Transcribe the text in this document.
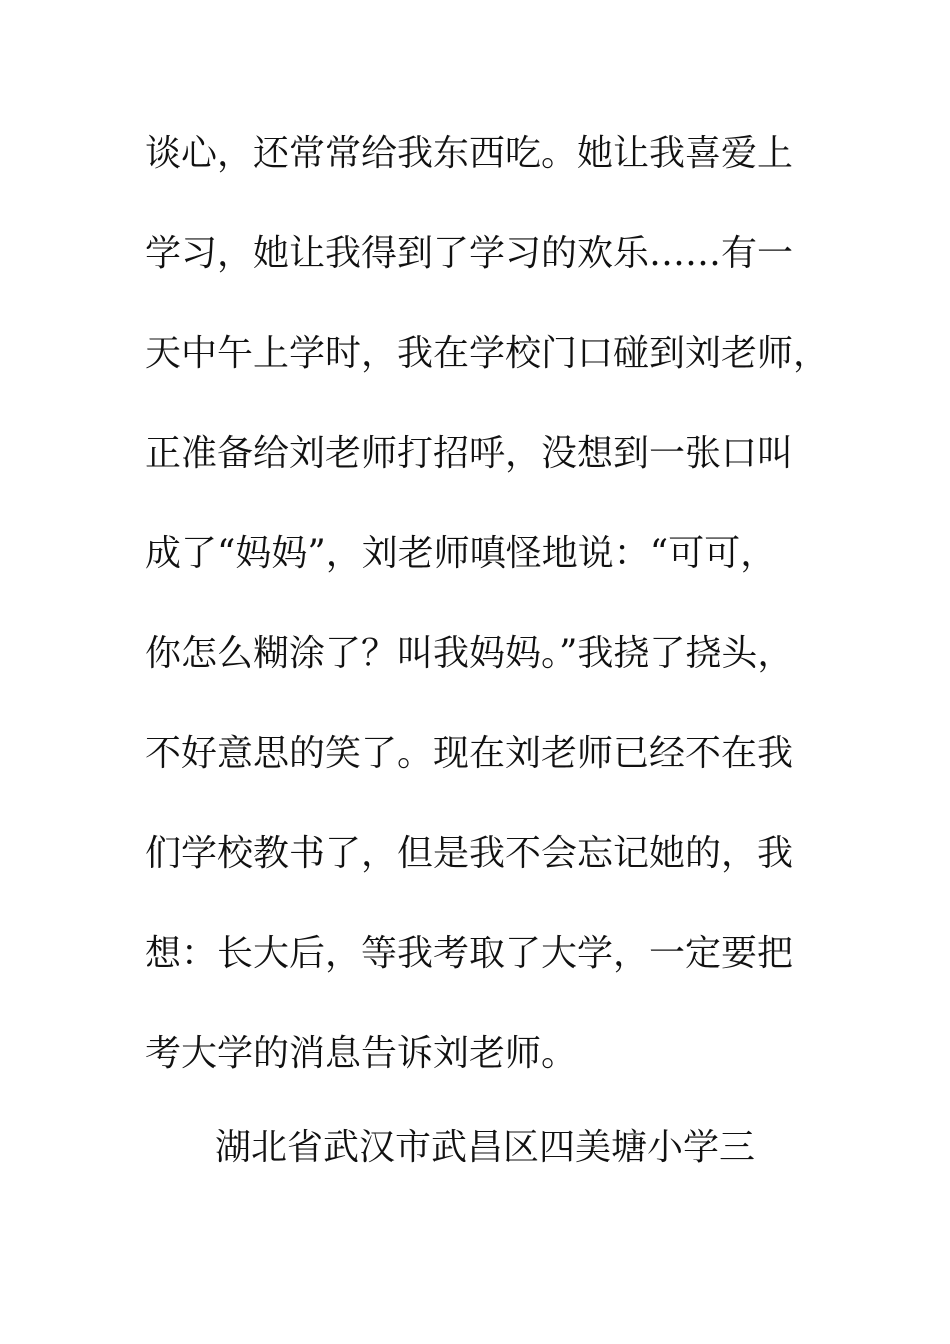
谈心，还常常给我东西吃。她让我喜爱上
学习，她让我得到了学习的欢乐……有一
天中午上学时，我在学校门口碰到刘老师，
正准备给刘老师打招呼，没想到一张口叫
成了“妈妈”，刘老师嗔怪地说：“可可，
你怎么糊涂了？叫我妈妈。”我挠了挠头，
不好意思的笑了。现在刘老师已经不在我
们学校教书了，但是我不会忘记她的，我
想：长大后，等我考取了大学，一定要把
考大学的消息告诉刘老师。
湖北省武汉市武昌区四美塘小学三
